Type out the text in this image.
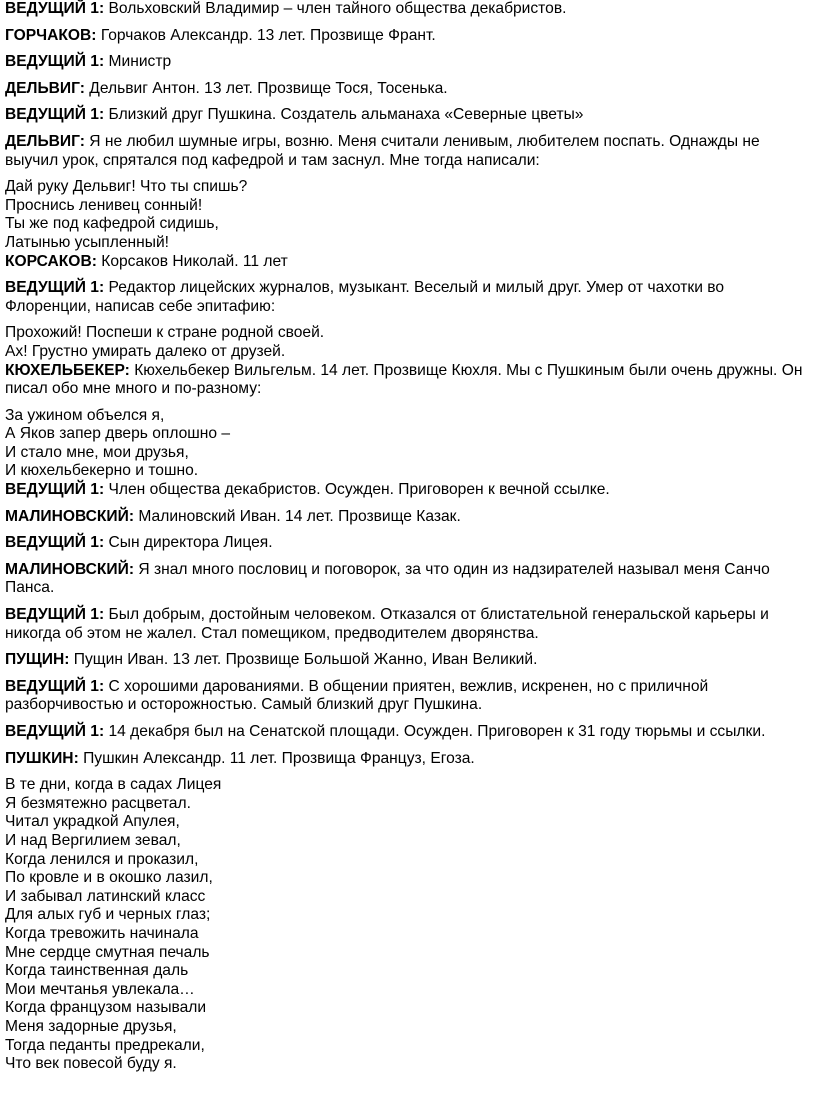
ВЕДУЩИЙ 1: Вольховский Владимир – член тайного общества декабристов.

ГОРЧАКОВ: Горчаков Александр. 13 лет. Прозвище Франт.

ВЕДУЩИЙ 1: Министр

ДЕЛЬВИГ: Дельвиг Антон. 13 лет. Прозвище Тося, Тосенька.

ВЕДУЩИЙ 1: Близкий друг Пушкина. Создатель альманаха «Северные цветы»

ДЕЛЬВИГ: Я не любил шумные игры, возню. Меня считали ленивым, любителем поспать. Однажды не выучил урок, спрятался под кафедрой и там заснул. Мне тогда написали:

Дай руку Дельвиг! Что ты спишь?
Проснись ленивец сонный!
Ты же под кафедрой сидишь,
Латынью усыпленный!

КОРСАКОВ: Корсаков Николай. 11 лет

ВЕДУЩИЙ 1: Редактор лицейских журналов, музыкант. Веселый и милый друг. Умер от чахотки во Флоренции, написав себе эпитафию:

Прохожий! Поспеши к стране родной своей.
Ах! Грустно умирать далеко от друзей.

КЮХЕЛЬБЕКЕР: Кюхельбекер Вильгельм. 14 лет. Прозвище Кюхля. Мы с Пушкиным были очень дружны. Он писал обо мне много и по-разному:

За ужином объелся я,
А Яков запер дверь оплошно –
И стало мне, мои друзья,
И кюхельбекерно и тошно.

ВЕДУЩИЙ 1: Член общества декабристов. Осужден. Приговорен к вечной ссылке.

МАЛИНОВСКИЙ: Малиновский Иван. 14 лет. Прозвище Казак.

ВЕДУЩИЙ 1: Сын директора Лицея.

МАЛИНОВСКИЙ: Я знал много пословиц и поговорок, за что один из надзирателей называл меня Санчо Панса.

ВЕДУЩИЙ 1: Был добрым, достойным человеком. Отказался от блистательной генеральской карьеры и никогда об этом не жалел. Стал помещиком, предводителем дворянства.

ПУЩИН: Пущин Иван. 13 лет. Прозвище Большой Жанно, Иван Великий.

ВЕДУЩИЙ 1: С хорошими дарованиями. В общении приятен, вежлив, искренен, но с приличной разборчивостью и осторожностью. Самый близкий друг Пушкина.

ВЕДУЩИЙ 1: 14 декабря был на Сенатской площади. Осужден. Приговорен к 31 году тюрьмы и ссылки.

ПУШКИН: Пушкин Александр. 11 лет. Прозвища Француз, Егоза.

В те дни, когда в садах Лицея
Я безмятежно расцветал.
Читал украдкой Апулея,
И над Вергилием зевал,
Когда ленился и проказил,
По кровле и в окошко лазил,
И забывал латинский класс
Для алых губ и черных глаз;
Когда тревожить начинала
Мне сердце смутная печаль
Когда таинственная даль
Мои мечтанья увлекала…
Когда французом называли
Меня задорные друзья,
Тогда педанты предрекали,
Что век повесой буду я.
